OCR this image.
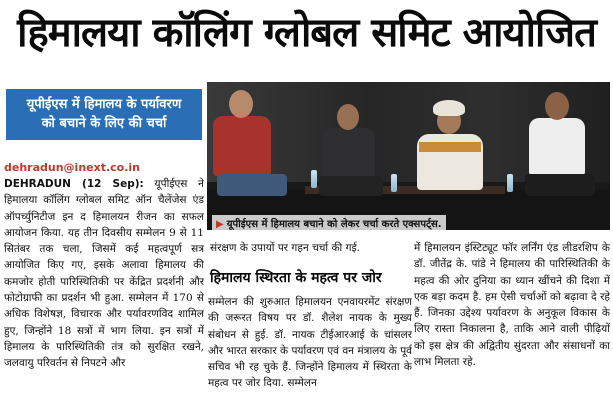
हिमालया कॉलिंग ग्लोबल समिट आयोजित
यूपीईएस में हिमालय के पर्यावरण
को बचाने के लिए की चर्चा
dehradun@inext.co.in
DEHRADUN (12 Sep): यूपीईएस ने हिमालया कॉलिंग ग्लोबल समिट ऑन चैलेंजेस एंड ऑपर्च्युनिटीज इन द हिमालयन रीजन का सफल आयोजन किया. यह तीन दिवसीय सम्मेलन 9 से 11 सितंबर तक चला, जिसमें कई महत्वपूर्ण सत्र आयोजित किए गए, इसके अलावा हिमालय की कमजोर होती पारिस्थितिकी पर केंद्रित प्रदर्शनी और फोटोग्राफी का प्रदर्शन भी हुआ. सम्मेलन में 170 से अधिक विशेषज्ञ, विचारक और पर्यावरणविद शामिल हुए, जिन्होंने 18 सत्रों में भाग लिया. इन सत्रों में हिमालय के पारिस्थितिकी तंत्र को सुरक्षित रखने, जलवायु परिवर्तन से निपटने और
▶ यूपीईएस में हिमालय बचाने को लेकर चर्चा करते एक्सपर्ट्स.
संरक्षण के उपायों पर गहन चर्चा की गई.
हिमालय स्थिरता के महत्व पर जोर
सम्मेलन की शुरुआत हिमालयन एनवायरमेंट संरक्षण की जरूरत विषय पर डॉ. शैलेश नायक के मुख्य संबोधन से हुई. डॉ. नायक टीईआरआई के चांसलर और भारत सरकार के पर्यावरण एवं वन मंत्रालय के पूर्व सचिव भी रह चुके हैं. जिन्होंने हिमालय में स्थिरता के महत्व पर जोर दिया. सम्मेलन
में हिमालयन इंस्टिट्यूट फॉर लर्निंग एंड लीडरशिप के डॉ. जीतेंद्र के. पांडे ने हिमालय की पारिस्थितिकी के महत्व की ओर दुनिया का ध्यान खींचने की दिशा में एक बड़ा कदम है. हम ऐसी चर्चाओं को बढ़ावा दे रहे हैं. जिनका उद्देश्य पर्यावरण के अनुकूल विकास के लिए रास्ता निकालना है, ताकि आने वाली पीढ़ियों को इस क्षेत्र की अद्वितीय सुंदरता और संसाधनों का लाभ मिलता रहे.
